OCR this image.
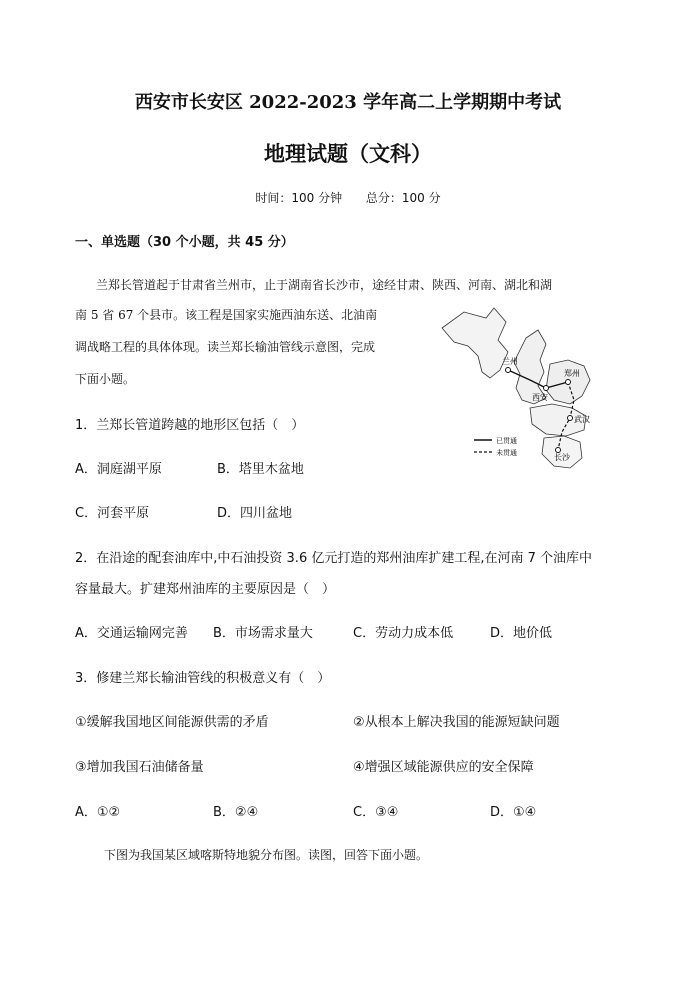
西安市长安区 2022-2023 学年高二上学期期中考试
地理试题（文科）
时间：100 分钟 总分：100 分
一、单选题（30 个小题，共 45 分）
兰郑长管道起于甘肃省兰州市，止于湖南省长沙市，途经甘肃、陕西、河南、湖北和湖
南 5 省 67 个县市。该工程是国家实施西油东送、北油南
调战略工程的具体体现。读兰郑长输油管线示意图，完成
下面小题。
兰州
西安
郑州
武汉
长沙
已贯通
未贯通
1．兰郑长管道跨越的地形区包括（　）
A．洞庭湖平原	B．塔里木盆地
C．河套平原	D．四川盆地
2．在沿途的配套油库中,中石油投资 3.6 亿元打造的郑州油库扩建工程,在河南 7 个油库中
容量最大。扩建郑州油库的主要原因是（　）
A．交通运输网完善 B．市场需求量大	C．劳动力成本低	D．地价低
3．修建兰郑长输油管线的积极意义有（　）
①缓解我国地区间能源供需的矛盾	②从根本上解决我国的能源短缺问题
③增加我国石油储备量	④增强区域能源供应的安全保障
A．①②	B．②④	C．③④	D．①④
下图为我国某区域喀斯特地貌分布图。读图，回答下面小题。
